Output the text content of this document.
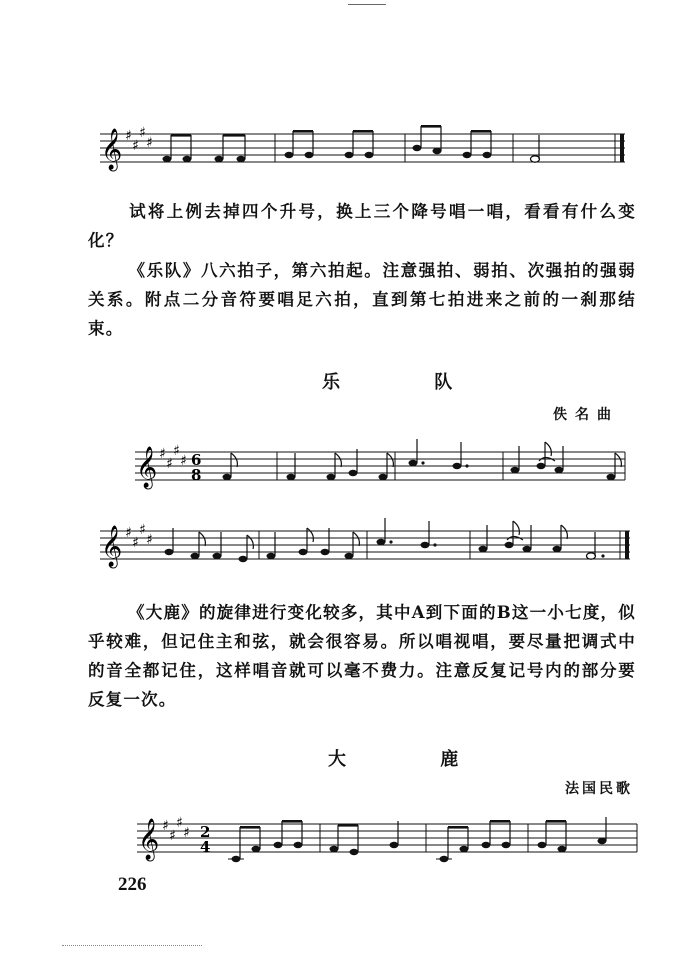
𝄞 ♯
♯
♯
♯

试将上例去掉四个升号，换上三个降号唱一唱，看看有什么变化？

《乐队》八六拍子，第六拍起。注意强拍、弱拍、次强拍的强弱关系。附点二分音符要唱足六拍，直到第七拍进来之前的一刹那结束。

乐 队
佚名曲
𝄞 ♯
♯
♯
♯ 6
8
𝄞 ♯
♯
♯
♯

《大鹿》的旋律进行变化较多，其中A到下面的B这一小七度，似乎较难，但记住主和弦，就会很容易。所以唱视唱，要尽量把调式中的音全都记住，这样唱音就可以毫不费力。注意反复记号内的部分要反复一次。

大 鹿
法国民歌
𝄞 ♯
♯
♯
♯ 2
4
226
